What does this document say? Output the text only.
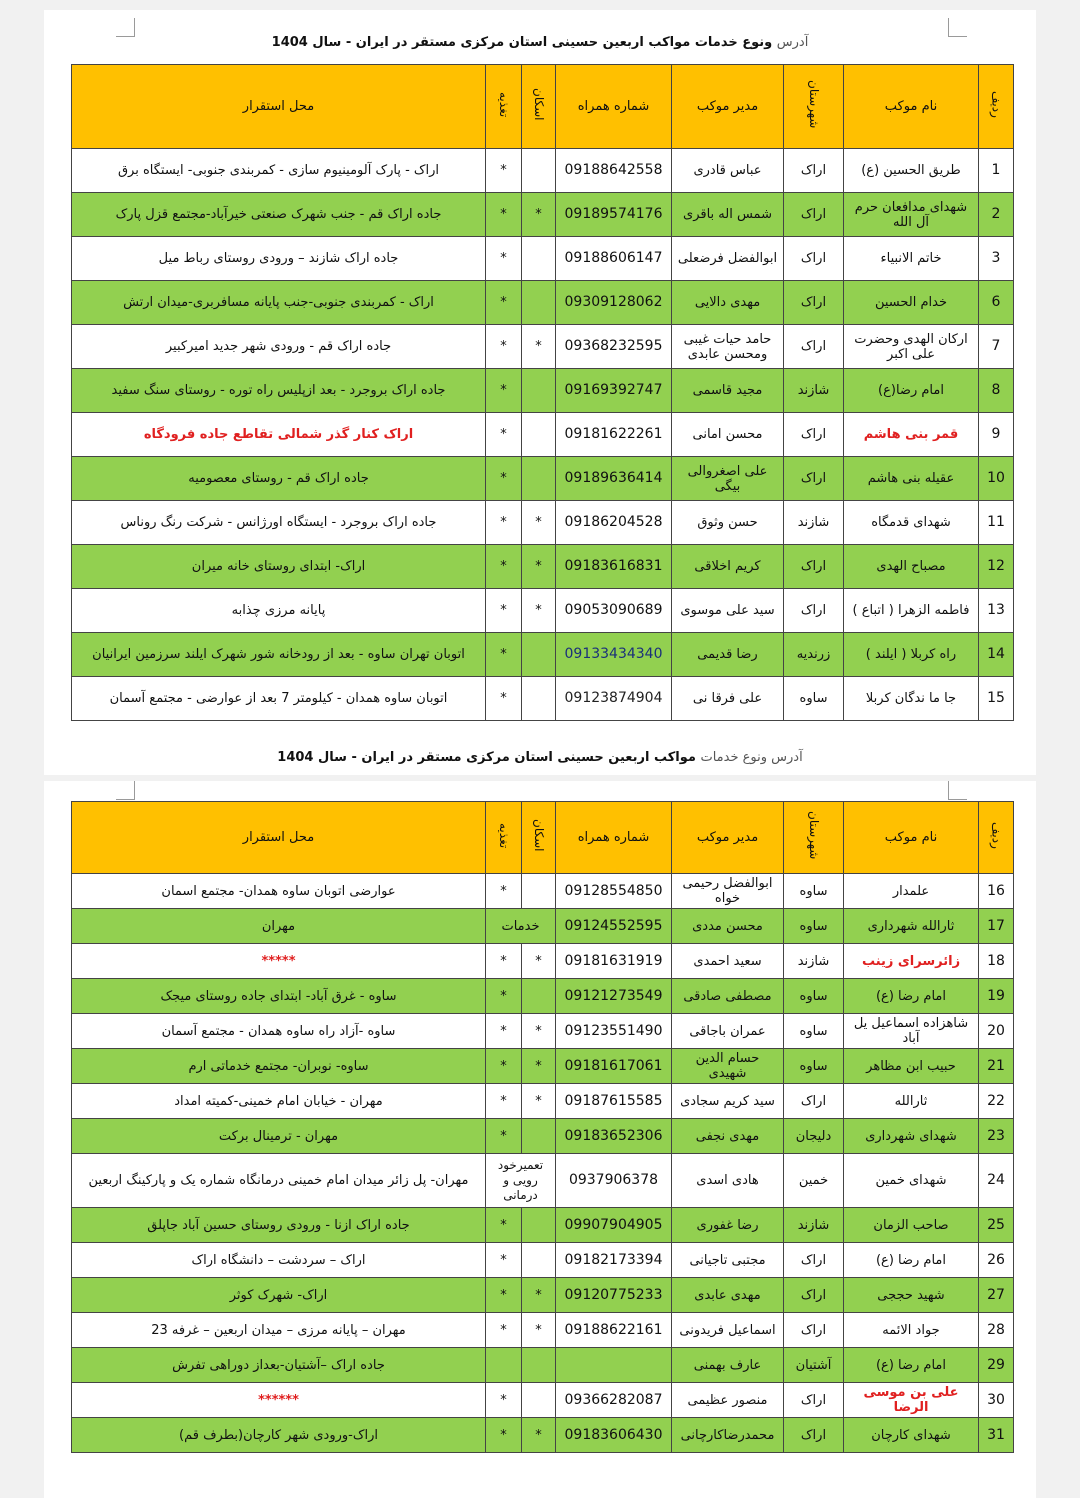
آدرس ونوع خدمات مواکب اربعین حسینی استان مرکزی مستقر در ایران - سال 1404
ردیف	نام موکب	شهرستان	مدیر موکب	شماره همراه	اسکان	تغذیه	محل استقرار
1	طریق الحسین (ع)	اراک	عباس قادری	09188642558		*	اراک - پارک آلومینیوم سازی - کمربندی جنوبی- ایستگاه برق
2	شهدای مدافعان حرم آل الله	اراک	شمس اله باقری	09189574176	*	*	جاده اراک قم - جنب شهرک صنعتی خیرآباد-مجتمع قزل پارک
3	خاتم الانبیاء	اراک	ابوالفضل فرضعلی	09188606147		*	جاده اراک شازند – ورودی روستای رباط میل
6	خدام الحسین	اراک	مهدی دالایی	09309128062		*	اراک - کمربندی جنوبی-جنب پایانه مسافربری-میدان ارتش
7	ارکان الهدی وحضرت علی اکبر	اراک	حامد حیات غیبی ومحسن عابدی	09368232595	*	*	جاده اراک قم - ورودی شهر جدید امیرکبیر
8	امام رضا(ع)	شازند	مجید قاسمی	09169392747		*	جاده اراک بروجرد - بعد ازپلیس راه توره - روستای سنگ سفید
9	قمر بنی هاشم	اراک	محسن امانی	09181622261		*	اراک کنار گذر شمالی تقاطع جاده فرودگاه
10	عقیله بنی هاشم	اراک	علی اصغروالی بیگی	09189636414		*	جاده اراک قم - روستای معصومیه
11	شهدای قدمگاه	شازند	حسن وثوق	09186204528	*	*	جاده اراک بروجرد - ایستگاه اورژانس - شرکت رنگ روناس
12	مصباح الهدی	اراک	کریم اخلاقی	09183616831	*	*	اراک- ابتدای روستای خانه میران
13	فاطمه الزهرا ( اتباع )	اراک	سید علی موسوی	09053090689	*	*	پایانه مرزی چذابه
14	راه کربلا ( ایلند )	زرندیه	رضا قدیمی	09133434340		*	اتوبان تهران ساوه - بعد از رودخانه شور شهرک ایلند سرزمین ایرانیان
15	جا ما ندگان کربلا	ساوه	علی فرقا نی	09123874904		*	اتوبان ساوه همدان - کیلومتر 7 بعد از عوارضی - مجتمع آسمان
آدرس ونوع خدمات مواکب اربعین حسینی استان مرکزی مستقر در ایران - سال 1404
ردیف	نام موکب	شهرستان	مدیر موکب	شماره همراه	اسکان	تغذیه	محل استقرار
16	علمدار	ساوه	ابوالفضل رحیمی خواه	09128554850		*	عوارضی اتوبان ساوه همدان- مجتمع اسمان
17	ثارالله شهرداری	ساوه	محسن مددی	09124552595	خدمات		مهران
18	زائرسرای زینب	شازند	سعید احمدی	09181631919	*	*	*****
19	امام رضا (ع)	ساوه	مصطفی صادقی	09121273549		*	ساوه - غرق آباد- ابتدای جاده روستای میجک
20	شاهزاده اسماعیل یل آباد	ساوه	عمران باجاقی	09123551490	*	*	ساوه -آزاد راه ساوه همدان - مجتمع آسمان
21	حبیب ابن مظاهر	ساوه	حسام الدین شهیدی	09181617061	*	*	ساوه- نوبران- مجتمع خدماتی ارم
22	ثارالله	اراک	سید کریم سجادی	09187615585	*	*	مهران - خیابان امام خمینی-کمیته امداد
23	شهدای شهرداری	دلیجان	مهدی نجفی	09183652306		*	مهران - ترمینال برکت
24	شهدای خمین	خمین	هادی اسدی	0937906378	تعمیرخود رویی و درمانی		مهران- پل زائر میدان امام خمینی درمانگاه شماره یک و پارکینگ اربعین
25	صاحب الزمان	شازند	رضا غفوری	09907904905		*	جاده اراک ازنا - ورودی روستای حسین آباد جاپلق
26	امام رضا (ع)	اراک	مجتبی تاجیانی	09182173394		*	اراک – سردشت – دانشگاه اراک
27	شهید حججی	اراک	مهدی عابدی	09120775233	*	*	اراک- شهرک کوثر
28	جواد الائمه	اراک	اسماعیل فریدونی	09188622161	*	*	مهران – پایانه مرزی – میدان اربعین – غرفه 23
29	امام رضا (ع)	آشتیان	عارف بهمنی				جاده اراک –آشتیان-بعداز دوراهی تفرش
30	علی بن موسی الرضا	اراک	منصور عظیمی	09366282087		*	******
31	شهدای کارچان	اراک	محمدرضاکارچانی	09183606430	*	*	اراک-ورودی شهر کارچان(بطرف قم)
